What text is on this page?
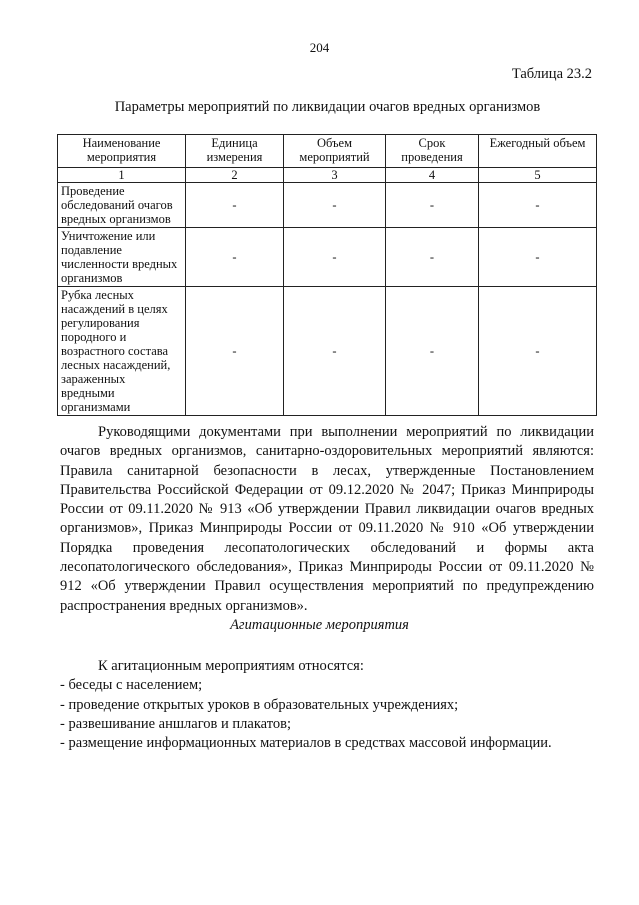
204
Таблица 23.2
Параметры мероприятий по ликвидации очагов вредных организмов
Наименование мероприятия	Единица измерения	Объем мероприятий	Срок проведения	Ежегодный объем
1	2	3	4	5
Проведение обследований очагов вредных организмов	-	-	-	-
Уничтожение или подавление численности вредных организмов	-	-	-	-
Рубка лесных насаждений в целях регулирования породного и возрастного состава лесных насаждений, зараженных вредными организмами	-	-	-	-

Руководящими документами при выполнении мероприятий по ликвидации очагов вредных организмов, санитарно-оздоровительных мероприятий являются: Правила санитарной безопасности в лесах, утвержденные Постановлением Правительства Российской Федерации от 09.12.2020 № 2047; Приказ Минприроды России от 09.11.2020 № 913 «Об утверждении Правил ликвидации очагов вредных организмов», Приказ Минприроды России от 09.11.2020 № 910 «Об утверждении Порядка проведения лесопатологических обследований и формы акта лесопатологического обследования», Приказ Минприроды России от 09.11.2020 № 912 «Об утверждении Правил осуществления мероприятий по предупреждению распространения вредных организмов».

Агитационные мероприятия
К агитационным мероприятиям относятся:
- беседы с населением;
- проведение открытых уроков в образовательных учреждениях;
- развешивание аншлагов и плакатов;
- размещение информационных материалов в средствах массовой информации.
